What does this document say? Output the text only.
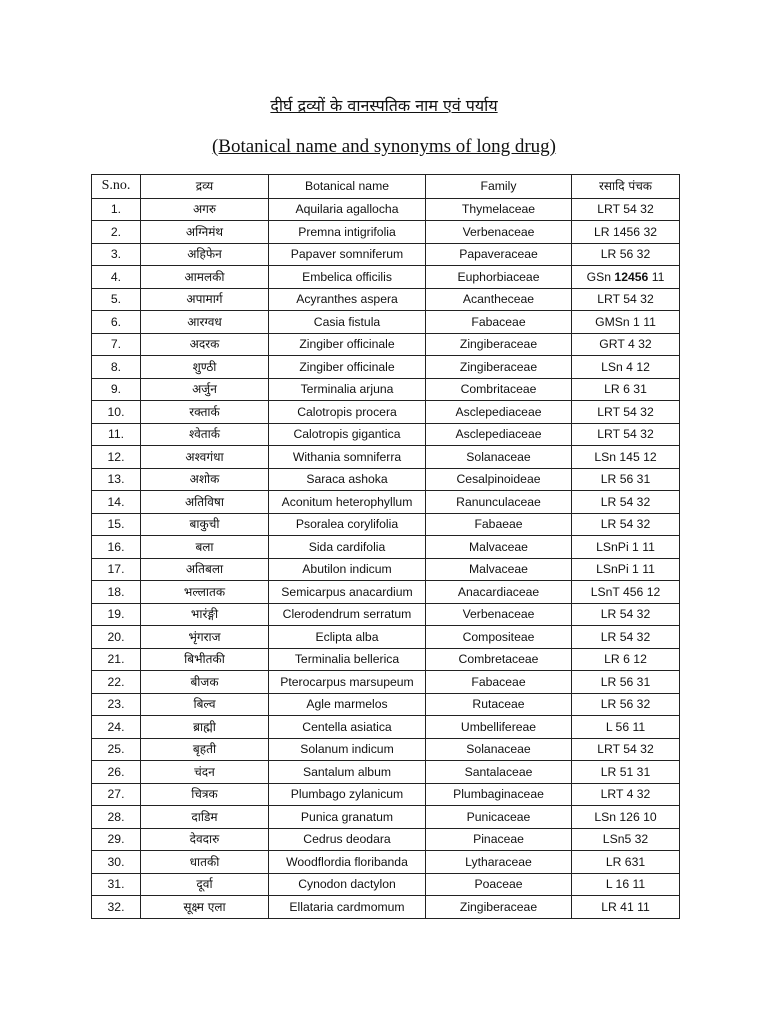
दीर्घ द्रव्यों के वानस्पतिक नाम एवं पर्याय
(Botanical name and synonyms of long drug)
S.no.	द्रव्य	Botanical name	Family	रसादि पंचक
1.	अगरु	Aquilaria agallocha	Thymelaceae	LRT 54 32
2.	अग्निमंथ	Premna intigrifolia	Verbenaceae	LR 1456 32
3.	अहिफेन	Papaver somniferum	Papaveraceae	LR 56 32
4.	आमलकी	Embelica officilis	Euphorbiaceae	GSn 12456 11
5.	अपामार्ग	Acyranthes aspera	Acantheceae	LRT 54 32
6.	आरग्वध	Casia fistula	Fabaceae	GMSn 1 11
7.	अदरक	Zingiber officinale	Zingiberaceae	GRT 4 32
8.	शुण्ठी	Zingiber officinale	Zingiberaceae	LSn 4 12
9.	अर्जुन	Terminalia arjuna	Combritaceae	LR 6 31
10.	रक्तार्क	Calotropis procera	Asclepediaceae	LRT 54 32
11.	श्वेतार्क	Calotropis gigantica	Asclepediaceae	LRT 54 32
12.	अश्वगंधा	Withania somniferra	Solanaceae	LSn 145 12
13.	अशोक	Saraca ashoka	Cesalpinoideae	LR 56 31
14.	अतिविषा	Aconitum heterophyllum	Ranunculaceae	LR 54 32
15.	बाकुची	Psoralea corylifolia	Fabaeae	LR 54 32
16.	बला	Sida cardifolia	Malvaceae	LSnPi 1 11
17.	अतिबला	Abutilon indicum	Malvaceae	LSnPi 1 11
18.	भल्लातक	Semicarpus anacardium	Anacardiaceae	LSnT 456 12
19.	भारंङ्गी	Clerodendrum serratum	Verbenaceae	LR 54 32
20.	भृंगराज	Eclipta alba	Compositeae	LR 54 32
21.	बिभीतकी	Terminalia bellerica	Combretaceae	LR 6 12
22.	बीजक	Pterocarpus marsupeum	Fabaceae	LR 56 31
23.	बिल्व	Agle marmelos	Rutaceae	LR 56 32
24.	ब्राह्मी	Centella asiatica	Umbellifereae	L 56 11
25.	बृहती	Solanum indicum	Solanaceae	LRT 54 32
26.	चंदन	Santalum album	Santalaceae	LR 51 31
27.	चित्रक	Plumbago zylanicum	Plumbaginaceae	LRT 4 32
28.	दाडिम	Punica granatum	Punicaceae	LSn 126 10
29.	देवदारु	Cedrus deodara	Pinaceae	LSn5 32
30.	धातकी	Woodflordia floribanda	Lytharaceae	LR 631
31.	दूर्वा	Cynodon dactylon	Poaceae	L 16 11
32.	सूक्ष्म एला	Ellataria cardmomum	Zingiberaceae	LR 41 11
